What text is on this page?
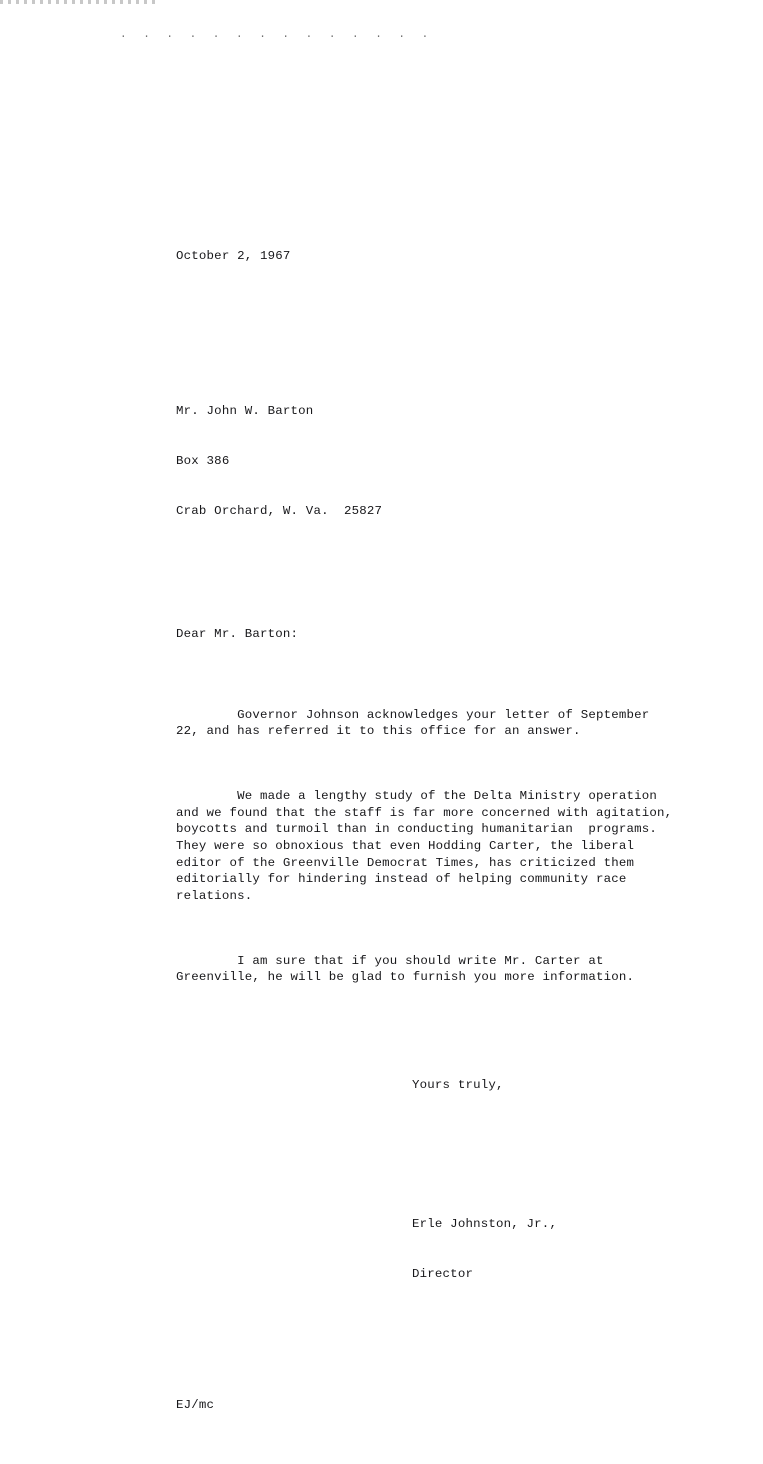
. . . . . . . . . . . . . .

October 2, 1967

Mr. John W. Barton

Box 386

Crab Orchard, W. Va.  25827

Dear Mr. Barton:

Governor Johnson acknowledges your letter of September 22, and has referred it to this office for an answer.

We made a lengthy study of the Delta Ministry operation and we found that the staff is far more concerned with agitation, boycotts and turmoil than in conducting humanitarian  programs.  They were so obnoxious that even Hodding Carter, the liberal editor of the Greenville Democrat Times, has criticized them editorially for hindering instead of helping community race relations.

I am sure that if you should write Mr. Carter at Greenville, he will be glad to furnish you more information.

Yours truly,

Erle Johnston, Jr.,

Director

EJ/mc
